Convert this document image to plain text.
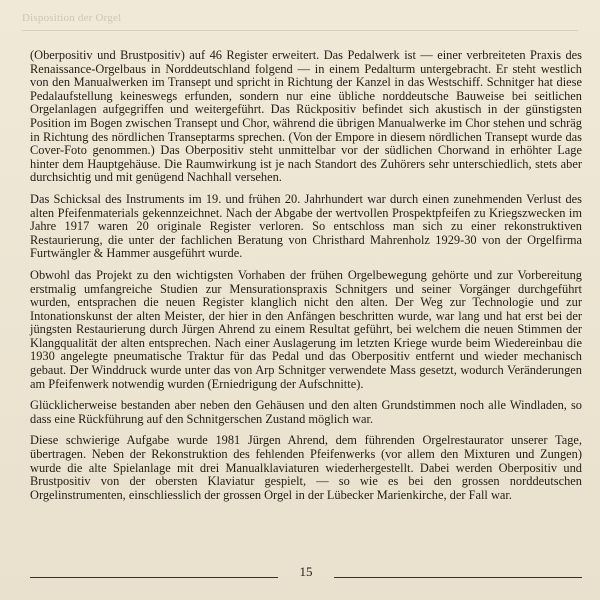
Disposition der Orgel

(Oberpositiv und Brustpositiv) auf 46 Register erweitert. Das Pedalwerk ist — einer verbreiteten Praxis des Renaissance-Orgelbaus in Norddeutschland folgend — in einem Pedalturm untergebracht. Er steht westlich von den Manualwerken im Transept und spricht in Richtung der Kanzel in das Westschiff. Schnitger hat diese Pedalaufstellung keineswegs erfunden, sondern nur eine übliche norddeutsche Bauweise bei seitlichen Orgelanlagen aufgegriffen und weitergeführt. Das Rückpositiv befindet sich akustisch in der günstigsten Position im Bogen zwischen Transept und Chor, während die übrigen Manualwerke im Chor stehen und schräg in Richtung des nördlichen Transeptarms sprechen. (Von der Empore in diesem nördlichen Transept wurde das Cover-Foto genommen.) Das Oberpositiv steht unmittelbar vor der südlichen Chorwand in erhöhter Lage hinter dem Hauptgehäuse. Die Raumwirkung ist je nach Standort des Zuhörers sehr unterschiedlich, stets aber durchsichtig und mit genügend Nachhall versehen.

Das Schicksal des Instruments im 19. und frühen 20. Jahrhundert war durch einen zunehmenden Verlust des alten Pfeifenmaterials gekennzeichnet. Nach der Abgabe der wertvollen Prospektpfeifen zu Kriegszwecken im Jahre 1917 waren 20 originale Register verloren. So entschloss man sich zu einer rekonstruktiven Restaurierung, die unter der fachlichen Beratung von Christhard Mahrenholz 1929-30 von der Orgelfirma Furtwängler & Hammer ausgeführt wurde.

Obwohl das Projekt zu den wichtigsten Vorhaben der frühen Orgelbewegung gehörte und zur Vorbereitung erstmalig umfangreiche Studien zur Mensurationspraxis Schnitgers und seiner Vorgänger durchgeführt wurden, entsprachen die neuen Register klanglich nicht den alten. Der Weg zur Technologie und zur Intonationskunst der alten Meister, der hier in den Anfängen beschritten wurde, war lang und hat erst bei der jüngsten Restaurierung durch Jürgen Ahrend zu einem Resultat geführt, bei welchem die neuen Stimmen der Klangqualität der alten entsprechen. Nach einer Auslagerung im letzten Kriege wurde beim Wiedereinbau die 1930 angelegte pneumatische Traktur für das Pedal und das Oberpositiv entfernt und wieder mechanisch gebaut. Der Winddruck wurde unter das von Arp Schnitger verwendete Mass gesetzt, wodurch Veränderungen am Pfeifenwerk notwendig wurden (Erniedrigung der Aufschnitte).

Glücklicherweise bestanden aber neben den Gehäusen und den alten Grundstimmen noch alle Windladen, so dass eine Rückführung auf den Schnitgerschen Zustand möglich war.

Diese schwierige Aufgabe wurde 1981 Jürgen Ahrend, dem führenden Orgelrestaurator unserer Tage, übertragen. Neben der Rekonstruktion des fehlenden Pfeifenwerks (vor allem den Mixturen und Zungen) wurde die alte Spielanlage mit drei Manualklaviaturen wiederhergestellt. Dabei werden Oberpositiv und Brustpositiv von der obersten Klaviatur gespielt, — so wie es bei den grossen norddeutschen Orgelinstrumenten, einschliesslich der grossen Orgel in der Lübecker Marienkirche, der Fall war.

15
